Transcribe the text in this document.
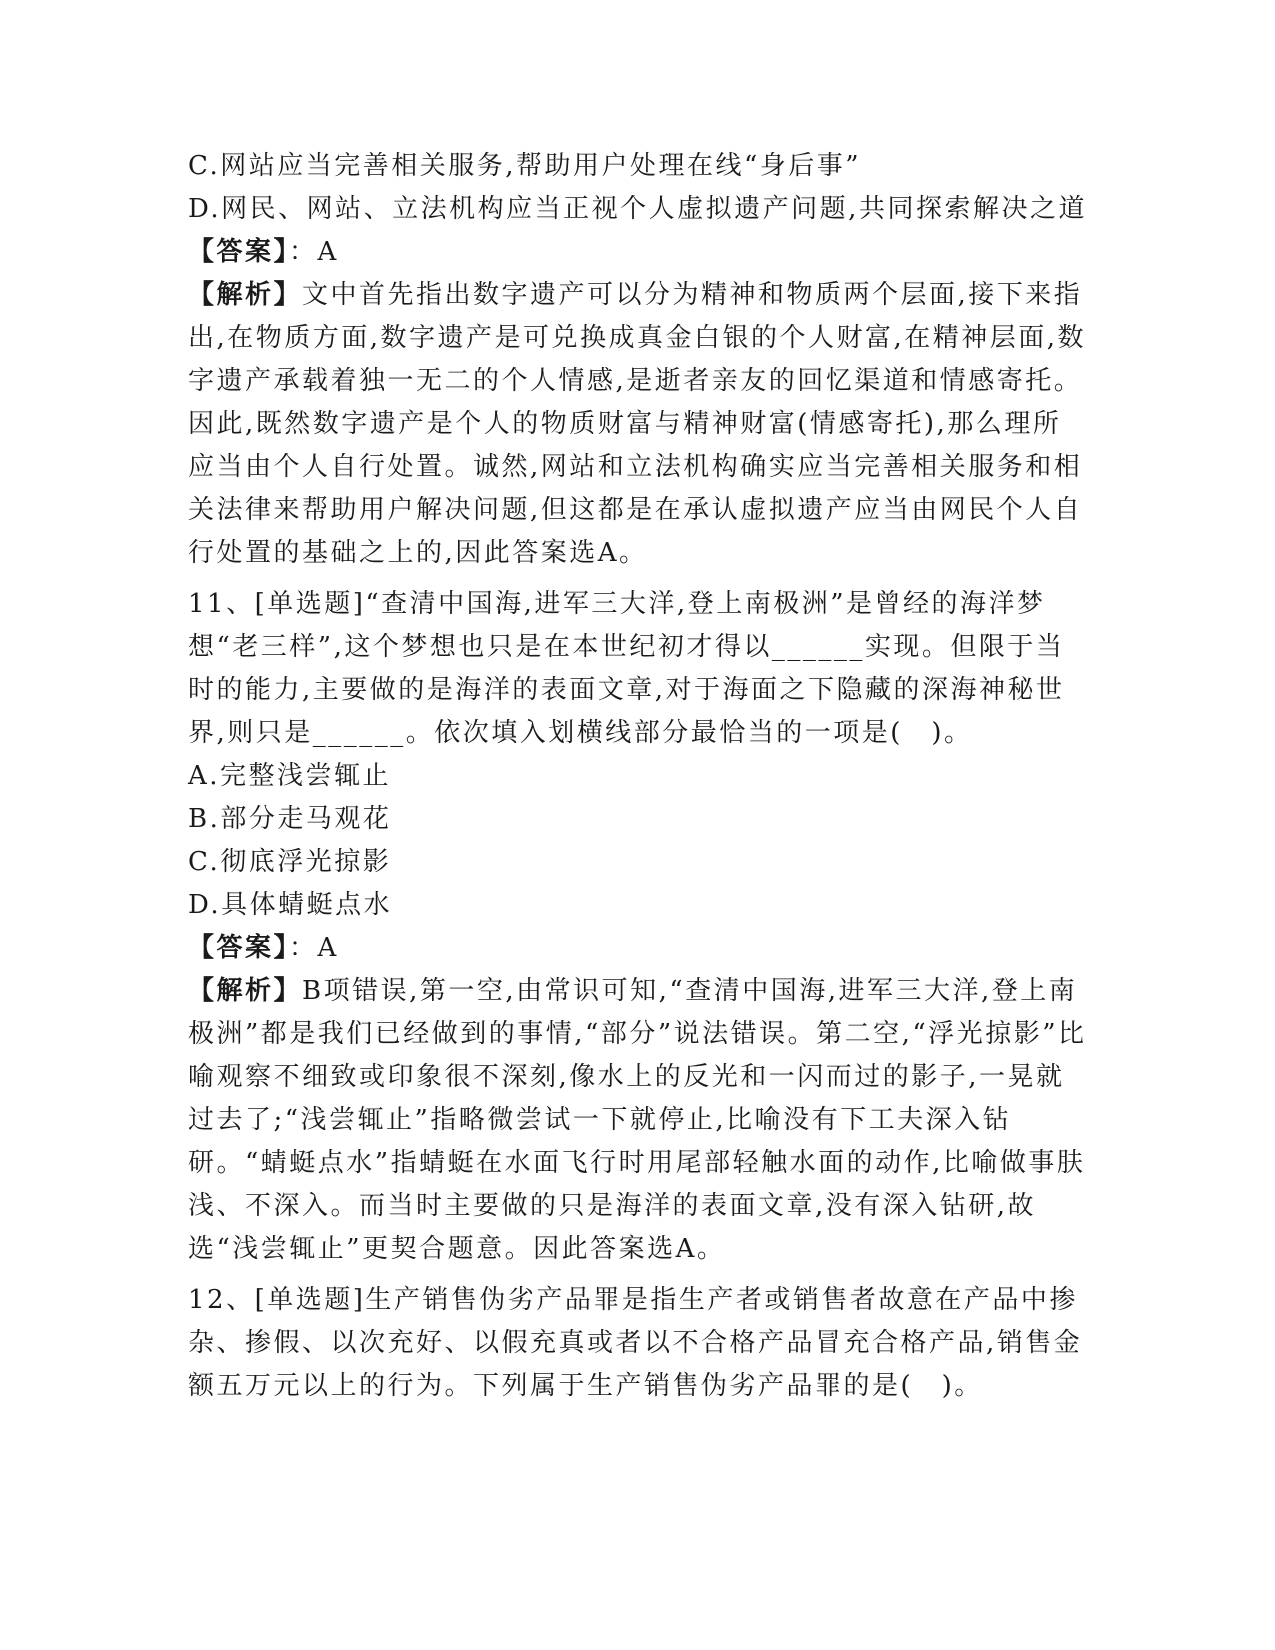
C.网站应当完善相关服务,帮助用户处理在线“身后事”
D.网民、网站、立法机构应当正视个人虚拟遗产问题,共同探索解决之道
【答案】：A
【解析】文中首先指出数字遗产可以分为精神和物质两个层面,接下来指出,在物质方面,数字遗产是可兑换成真金白银的个人财富,在精神层面,数字遗产承载着独一无二的个人情感,是逝者亲友的回忆渠道和情感寄托。因此,既然数字遗产是个人的物质财富与精神财富(情感寄托),那么理所应当由个人自行处置。诚然,网站和立法机构确实应当完善相关服务和相关法律来帮助用户解决问题,但这都是在承认虚拟遗产应当由网民个人自行处置的基础之上的,因此答案选A。
11、[单选题]“查清中国海,进军三大洋,登上南极洲”是曾经的海洋梦想“老三样”,这个梦想也只是在本世纪初才得以______实现。但限于当时的能力,主要做的是海洋的表面文章,对于海面之下隐藏的深海神秘世界,则只是______。依次填入划横线部分最恰当的一项是(　)。
A.完整浅尝辄止
B.部分走马观花
C.彻底浮光掠影
D.具体蜻蜓点水
【答案】：A
【解析】B项错误,第一空,由常识可知,“查清中国海,进军三大洋,登上南极洲”都是我们已经做到的事情,“部分”说法错误。第二空,“浮光掠影”比喻观察不细致或印象很不深刻,像水上的反光和一闪而过的影子,一晃就过去了;“浅尝辄止”指略微尝试一下就停止,比喻没有下工夫深入钻研。“蜻蜓点水”指蜻蜓在水面飞行时用尾部轻触水面的动作,比喻做事肤浅、不深入。而当时主要做的只是海洋的表面文章,没有深入钻研,故选“浅尝辄止”更契合题意。因此答案选A。
12、[单选题]生产销售伪劣产品罪是指生产者或销售者故意在产品中掺杂、掺假、以次充好、以假充真或者以不合格产品冒充合格产品,销售金额五万元以上的行为。下列属于生产销售伪劣产品罪的是(　)。
